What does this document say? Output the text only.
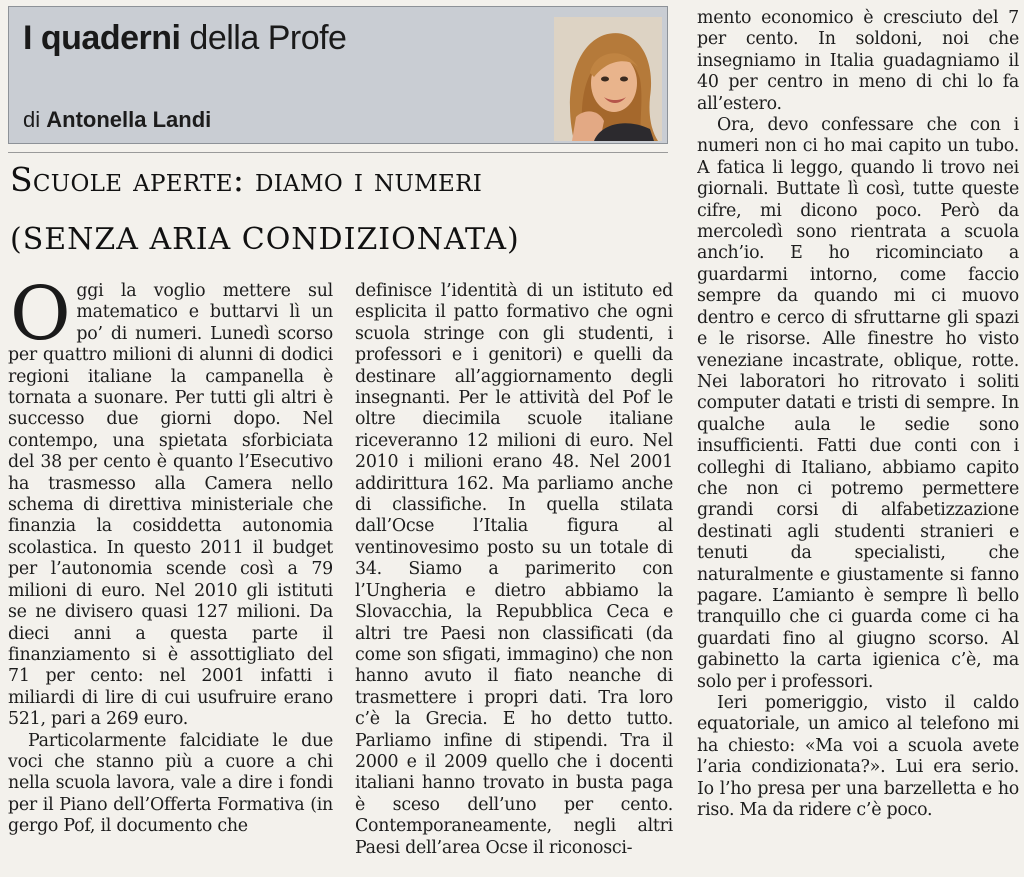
I quaderni della Profe
di Antonella Landi
Scuole aperte: diamo i numeri
(SENZA ARIA CONDIZIONATA)

Oggi la voglio mettere sul matematico e buttarvi lì un po’ di numeri. Lunedì scorso per quattro milioni di alunni di dodici regioni italiane la campanella è tornata a suonare. Per tutti gli altri è successo due giorni dopo. Nel contempo, una spietata sforbiciata del 38 per cento è quanto l’Esecutivo ha trasmesso alla Camera nello schema di direttiva ministeriale che finanzia la cosiddetta autonomia scolastica. In questo 2011 il budget per l’autonomia scende così a 79 milioni di euro. Nel 2010 gli istituti se ne divisero quasi 127 milioni. Da dieci anni a questa parte il finanziamento si è assottigliato del 71 per cento: nel 2001 infatti i miliardi di lire di cui usufruire erano 521, pari a 269 euro.

Particolarmente falcidiate le due voci che stanno più a cuore a chi nella scuola lavora, vale a dire i fondi per il Piano dell’Offerta Formativa (in gergo Pof, il documento che

definisce l’identità di un istituto ed esplicita il patto formativo che ogni scuola stringe con gli studenti, i professori e i genitori) e quelli da destinare all’aggiornamento degli insegnanti. Per le attività del Pof le oltre diecimila scuole italiane riceveranno 12 milioni di euro. Nel 2010 i milioni erano 48. Nel 2001 addirittura 162. Ma parliamo anche di classifiche. In quella stilata dall’Ocse l’Italia figura al ventinovesimo posto su un totale di 34. Siamo a parimerito con l’Ungheria e dietro abbiamo la Slovacchia, la Repubblica Ceca e altri tre Paesi non classificati (da come son sfigati, immagino) che non hanno avuto il fiato neanche di trasmettere i propri dati. Tra loro c’è la Grecia. E ho detto tutto. Parliamo infine di stipendi. Tra il 2000 e il 2009 quello che i docenti italiani hanno trovato in busta paga è sceso dell’uno per cento. Contemporaneamente, negli altri Paesi dell’area Ocse il riconosci-

mento economico è cresciuto del 7 per cento. In soldoni, noi che insegniamo in Italia guadagniamo il 40 per centro in meno di chi lo fa all’estero.

Ora, devo confessare che con i numeri non ci ho mai capito un tubo. A fatica li leggo, quando li trovo nei giornali. Buttate lì così, tutte queste cifre, mi dicono poco. Però da mercoledì sono rientrata a scuola anch’io. E ho ricominciato a guardarmi intorno, come faccio sempre da quando mi ci muovo dentro e cerco di sfruttarne gli spazi e le risorse. Alle finestre ho visto veneziane incastrate, oblique, rotte. Nei laboratori ho ritrovato i soliti computer datati e tristi di sempre. In qualche aula le sedie sono insufficienti. Fatti due conti con i colleghi di Italiano, abbiamo capito che non ci potremo permettere grandi corsi di alfabetizzazione destinati agli studenti stranieri e tenuti da specialisti, che naturalmente e giustamente si fanno pagare. L’amianto è sempre lì bello tranquillo che ci guarda come ci ha guardati fino al giugno scorso. Al gabinetto la carta igienica c’è, ma solo per i professori.

Ieri pomeriggio, visto il caldo equatoriale, un amico al telefono mi ha chiesto: «Ma voi a scuola avete l’aria condizionata?». Lui era serio. Io l’ho presa per una barzelletta e ho riso. Ma da ridere c’è poco.
